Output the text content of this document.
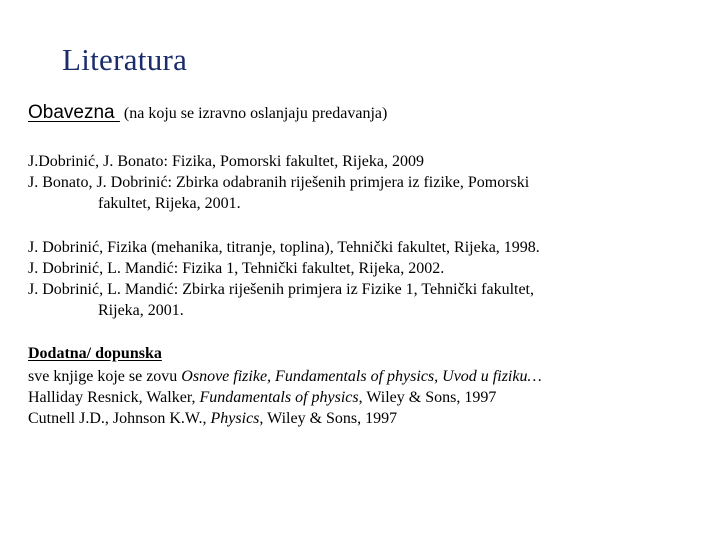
Literatura
Obavezna (na koju se izravno oslanjaju predavanja)
J.Dobrinić, J. Bonato: Fizika, Pomorski fakultet, Rijeka, 2009
J. Bonato, J. Dobrinić: Zbirka odabranih riješenih primjera iz fizike, Pomorski
fakultet, Rijeka, 2001.
J. Dobrinić, Fizika (mehanika, titranje, toplina), Tehnički fakultet, Rijeka, 1998.
J. Dobrinić, L. Mandić: Fizika 1, Tehnički fakultet, Rijeka, 2002.
J. Dobrinić, L. Mandić: Zbirka riješenih primjera iz Fizike 1, Tehnički fakultet,
Rijeka, 2001.
Dodatna/ dopunska
sve knjige koje se zovu Osnove fizike, Fundamentals of physics, Uvod u fiziku…
Halliday Resnick, Walker, Fundamentals of physics, Wiley & Sons, 1997
Cutnell J.D., Johnson K.W., Physics, Wiley & Sons, 1997
